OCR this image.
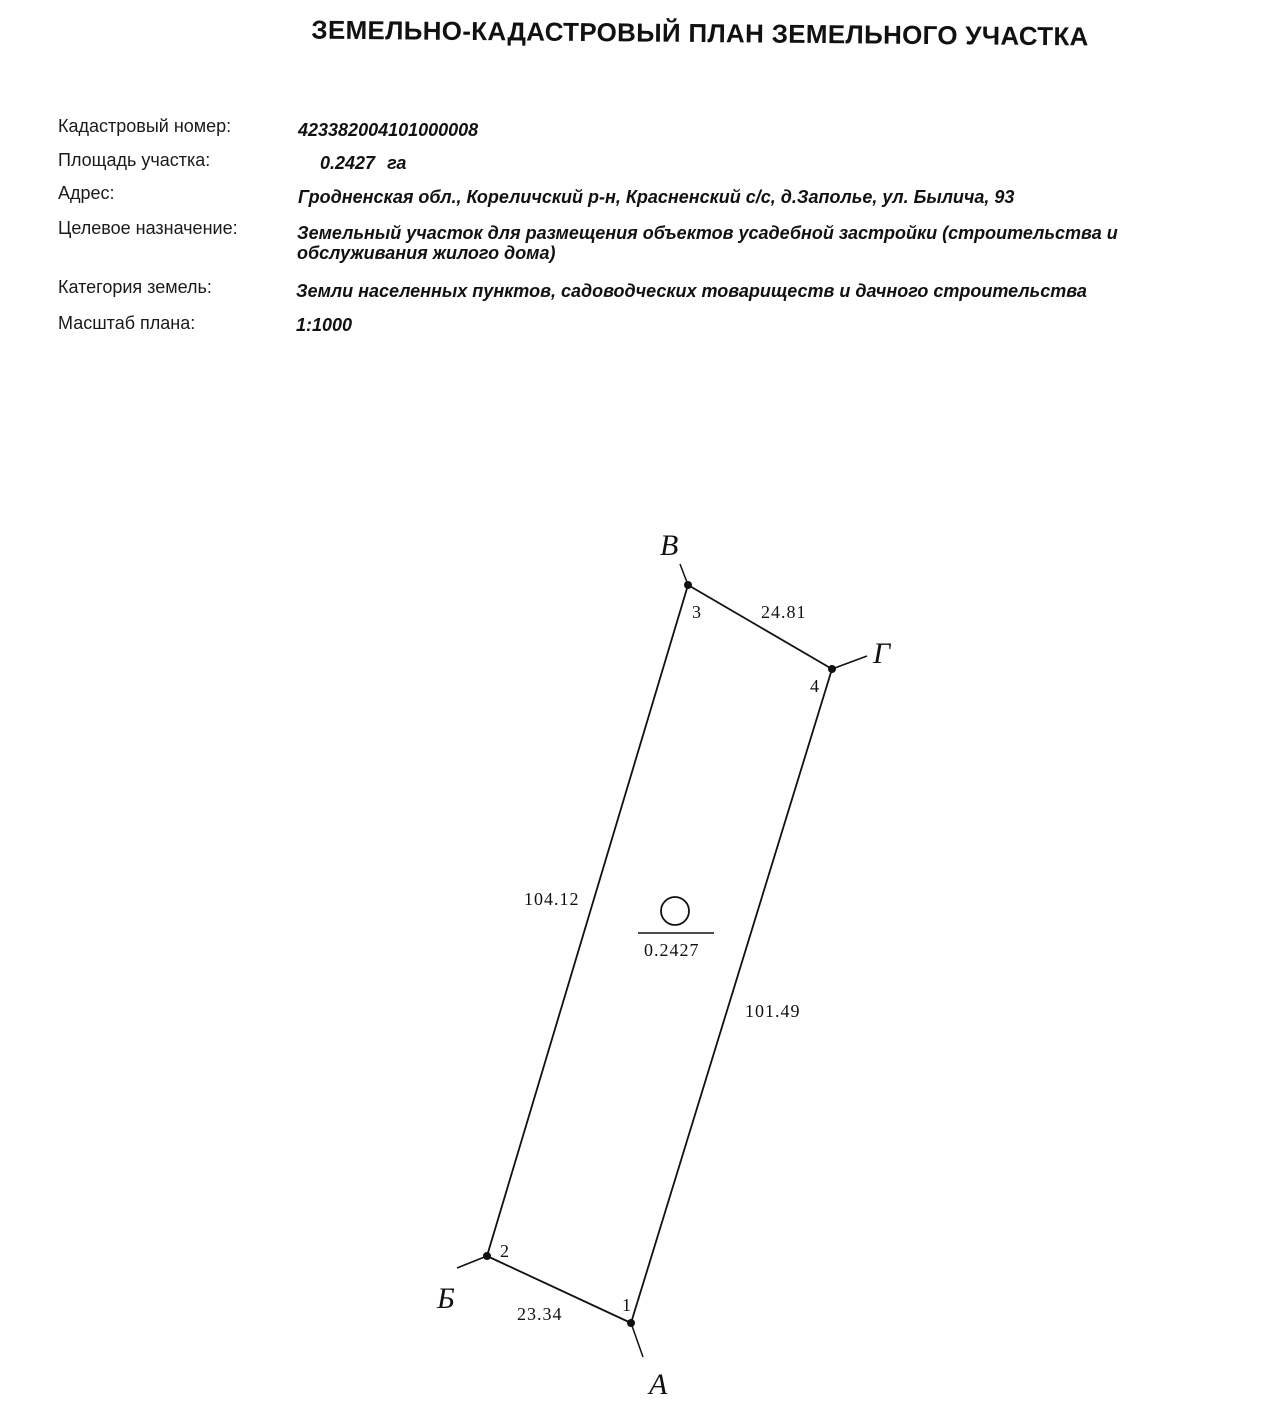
ЗЕМЕЛЬНО-КАДАСТРОВЫЙ ПЛАН ЗЕМЕЛЬНОГО УЧАСТКА
Кадастровый номер:	423382004101000008
Площадь участка:	0.2427 га
Адрес:	Гродненская обл., Кореличский р-н, Красненский с/с, д.Заполье, ул. Былича, 93
Целевое назначение:	Земельный участок для размещения объектов усадебной застройки (строительства и обслуживания жилого дома)
Категория земель:	Земли населенных пунктов, садоводческих товариществ и дачного строительства
Масштаб плана:	1:1000
1
2
3
4
А
Б
В
Г
23.34
104.12
24.81
101.49
0.2427
